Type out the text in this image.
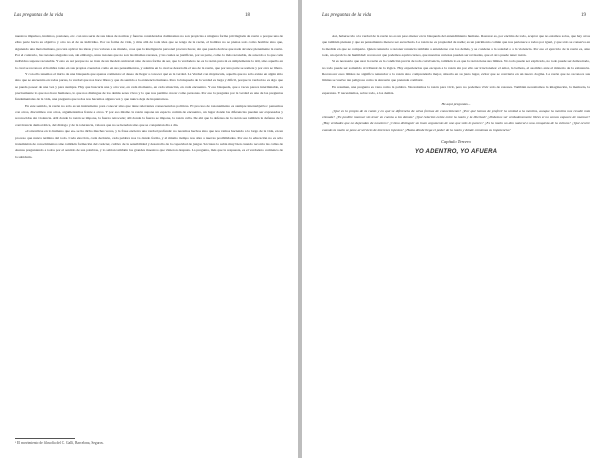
Las preguntas de la vida	18

nuestros impulsos, instintos, pasiones, etc. con una serie de sus ideas de normas y fuerzas consideradas dominantes no son propicias a ninguna forma privilegiada de razón o porque una de ellas parte hacia su objetivo y otro no el de su individuo. Por su forma de vida, y más allá de toda idea que se tenga de la razón, el hombre no se piensa solo como hombre sino que, siguiendo una meta humana, procura aplicar las ideas y los valores a su mundo, cosa que la inteligencia personal procura hacer, sin que pueda decirse que nada alcance plenamente la razón. Por el contrario, las razones alegadas son, sin embargo, unas razones que no son las mismas razones, y las cuales se justifican, por su parte, como lo más razonable, de acuerdo a lo que cada individuo supone razonable. Y esto es así porque no se trata de un modelo universal sino de una forma de ser, que lo verdadero no es la razón pura ni es simplemente lo útil, sino aquello en lo cual se reconoce el hombre tanto en sus propias creencias como en sus pensamientos, y además en lo cual se desarrolla el uso de la razón, que por una parte se somete y por otra se libera.

Y con ello tenemos el inicio de una búsqueda que apenas comienza: el deseo de llegar a conocer qué es la verdad. La Verdad con mayúscula, aquella que no sólo existe en algún sitio sino que se encuentra en todas partes, la verdad que nos hace libres y que da sentido a la existencia humana. Pero la búsqueda de la verdad es larga y difícil, porque la verdad no es algo que se pueda poseer de una vez y para siempre. Hay que buscarla una y otra vez, en cada momento, en cada situación, en cada encuentro. Y esa búsqueda, que a veces parece interminable, es precisamente lo que nos hace humanos, lo que nos distingue de los demás seres vivos y lo que nos permite crecer como personas. Por eso la pregunta por la verdad es una de las preguntas fundamentales de la vida, una pregunta que todos nos hacemos alguna vez y que nunca deja de inquietarnos.

En este sentido, la razón no sólo es un instrumento para conocer sino que tiene relevantes consecuencias políticas. El proceso de razonamiento es siempre intersubjetivo: pensamos con otros, discutimos con otros, argumentamos frente a otros. Y por eso mismo la razón supone un espacio común de encuentro, un lugar donde las diferencias pueden ser expresadas y reconocidas sin violencia. Allí donde la razón se impone, la fuerza retrocede; allí donde la fuerza se impone, la razón calla. De ahí que la defensa de la razón sea también la defensa de la convivencia democrática, del diálogo y de la tolerancia, valores que no se heredan sino que se conquistan día a día.

«Convertirse en lo humano que es» se ha dicho muchas veces, y la frase encierra una verdad profunda: no nacemos hechos sino que nos vamos haciendo a lo largo de la vida, en un proceso que nunca termina del todo. Cada elección, cada decisión, cada palabra nos va dando forma, y al mismo tiempo nos abre a nuevas posibilidades. Por eso la educación no es sólo transmisión de conocimientos sino también formación del carácter, cultivo de la sensibilidad y desarrollo de la capacidad de juzgar. Sócrates lo sabía muy bien cuando recorría las calles de Atenas preguntando a todos por el sentido de sus palabras, y lo sabían también los grandes maestros que vinieron después. La pregunta, más que la respuesta, es el verdadero comienzo de la sabiduría.

¹ El movimiento de filosofía del C. Gallí, Barcelona, Seguros.
Las preguntas de la vida	19

Así, haberse ido a la verdad de la razón no es un paso menor en la búsqueda del entendimiento humano. Razonar es, por encima de todo, aceptar que no estamos solos, que hay otros que también piensan y que su pensamiento merece ser escuchado. La razón no es propiedad de nadie; es un patrimonio común que nos pertenece a todos por igual, y que sólo se conserva en la medida en que se comparte. Quien renuncia a razonar renuncia también a entenderse con los demás, y se condena a la soledad o a la violencia. Por eso el ejercicio de la razón es, ante todo, un ejercicio de humildad: reconocer que podemos equivocarnos, que nuestras certezas pueden ser revisadas, que el otro puede tener razón.

Sí es necesario que usar la razón es la condición previa de toda convivencia, también lo es que la razón tiene sus límites. No todo puede ser explicado, no todo puede ser demostrado, no todo puede ser sometido al tribunal de la lógica. Hay experiencias que escapan a la razón sin por ello ser irracionales: el amor, la belleza, el asombro ante el misterio de la existencia. Reconocer esos límites no significa renunciar a la razón sino comprenderla mejor, situarla en su justo lugar, evitar que se convierta en un nuevo dogma. La razón que no reconoce sus límites se vuelve tan peligrosa como la sinrazón que pretende combatir.

En resumen, una pregunta es vana como la palabra. Necesitamos la razón para vivir, pero no podemos vivir sólo de razones. También necesitamos la imaginación, la memoria, la esperanza. Y necesitamos, sobre todo, a los demás.

He aquí preguntas...

¿Qué es lo propio de la razón y en qué se diferencia de otras formas de conocimiento? ¿Por qué hemos de preferir la verdad a la mentira, aunque la mentira nos resulte más cómoda? ¿Es posible razonar sin tener en cuenta a los demás? ¿Qué relación existe entre la razón y la libertad? ¿Podemos ser verdaderamente libres si no somos capaces de razonar? ¿Hay verdades que no dependan de nosotros? ¿Cómo distinguir un buen argumento de uno que sólo lo parece? ¿Es la razón un don natural o una conquista de la cultura? ¿Qué ocurre cuando la razón se pone al servicio de intereses injustos? ¿Hasta dónde llega el poder de la razón y dónde comienza su impotencia?

Capítulo Tercero
YO ADENTRO, YO AFUERA
